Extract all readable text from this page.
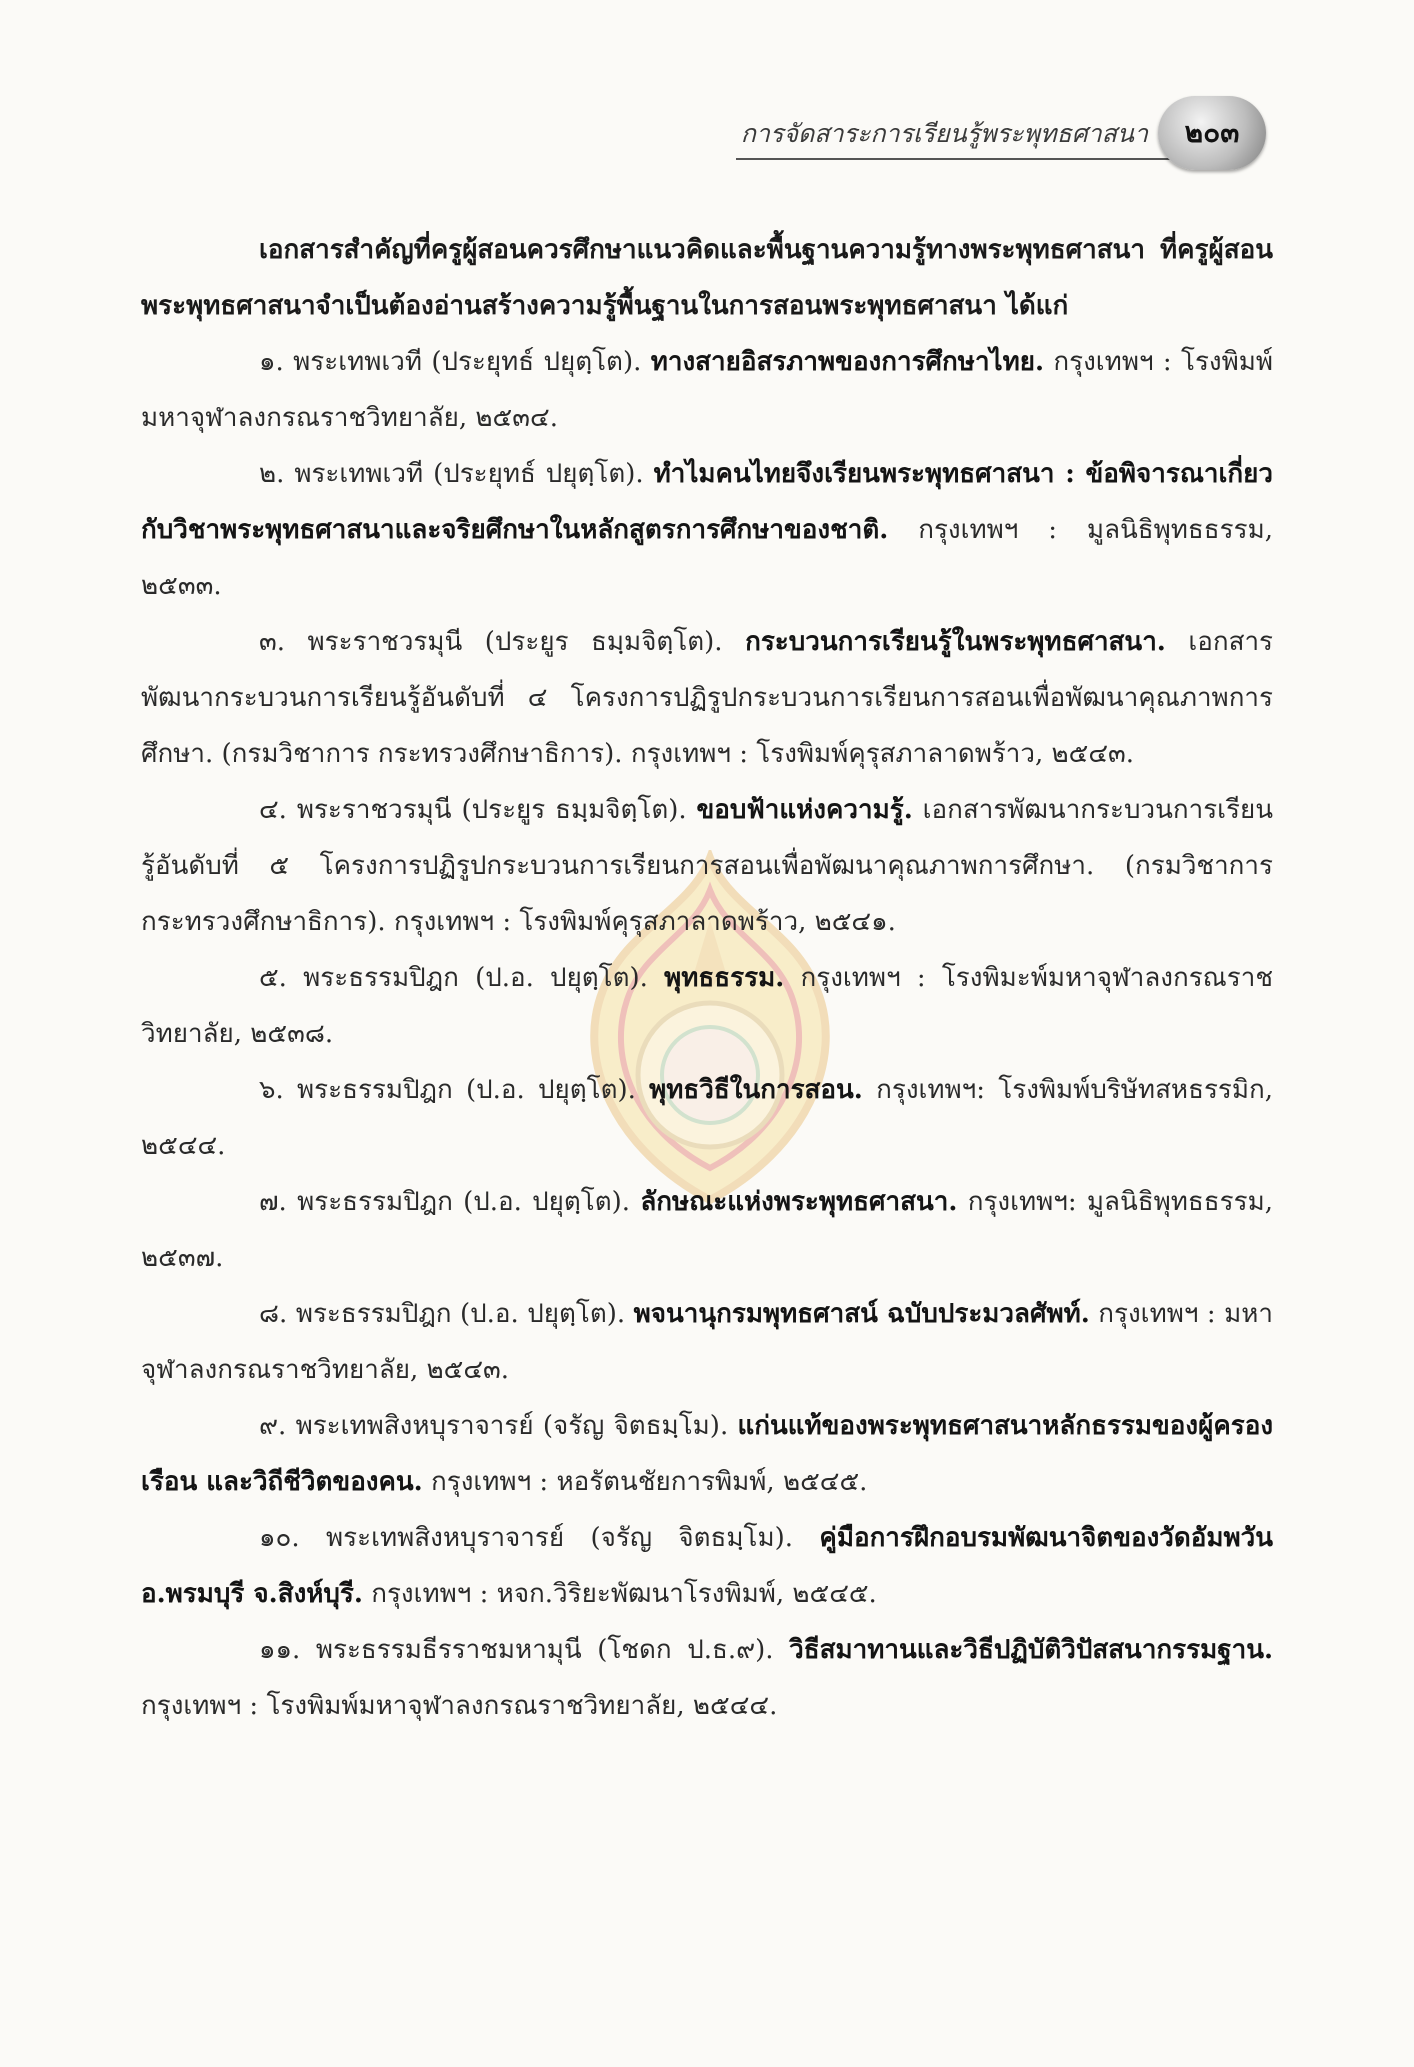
การจัดสาระการเรียนรู้พระพุทธศาสนา	๒๐๓

เอกสารสำคัญที่ครูผู้สอนควรศึกษาแนวคิดและพื้นฐานความรู้ทางพระพุทธศาสนา ที่ครูผู้สอนพระพุทธศาสนาจำเป็นต้องอ่านสร้างความรู้พื้นฐานในการสอนพระพุทธศาสนา ได้แก่

๑. พระเทพเวที (ประยุทธ์ ปยุตฺโต). ทางสายอิสรภาพของการศึกษาไทย. กรุงเทพฯ : โรงพิมพ์มหาจุฬาลงกรณราชวิทยาลัย, ๒๕๓๔.

๒. พระเทพเวที (ประยุทธ์ ปยุตฺโต). ทำไมคนไทยจึงเรียนพระพุทธศาสนา : ข้อพิจารณาเกี่ยวกับวิชาพระพุทธศาสนาและจริยศึกษาในหลักสูตรการศึกษาของชาติ. กรุงเทพฯ : มูลนิธิพุทธธรรม, ๒๕๓๓.

๓. พระราชวรมุนี (ประยูร ธมฺมจิตฺโต). กระบวนการเรียนรู้ในพระพุทธศาสนา. เอกสารพัฒนากระบวนการเรียนรู้อันดับที่ ๔ โครงการปฏิรูปกระบวนการเรียนการสอนเพื่อพัฒนาคุณภาพการศึกษา. (กรมวิชาการ กระทรวงศึกษาธิการ). กรุงเทพฯ : โรงพิมพ์คุรุสภาลาดพร้าว, ๒๕๔๓.

๔. พระราชวรมุนี (ประยูร ธมฺมจิตฺโต). ขอบฟ้าแห่งความรู้. เอกสารพัฒนากระบวนการเรียนรู้อันดับที่ ๕ โครงการปฏิรูปกระบวนการเรียนการสอนเพื่อพัฒนาคุณภาพการศึกษา. (กรมวิชาการ กระทรวงศึกษาธิการ). กรุงเทพฯ : โรงพิมพ์คุรุสภาลาดพร้าว, ๒๕๔๑.

๕. พระธรรมปิฎก (ป.อ. ปยุตฺโต). พุทธธรรม. กรุงเทพฯ : โรงพิมะพ์มหาจุฬาลงกรณราชวิทยาลัย, ๒๕๓๘.

๖. พระธรรมปิฎก (ป.อ. ปยุตฺโต). พุทธวิธีในการสอน. กรุงเทพฯ: โรงพิมพ์บริษัทสหธรรมิก, ๒๕๔๔.

๗. พระธรรมปิฎก (ป.อ. ปยุตฺโต). ลักษณะแห่งพระพุทธศาสนา. กรุงเทพฯ: มูลนิธิพุทธธรรม, ๒๕๓๗.

๘. พระธรรมปิฎก (ป.อ. ปยุตฺโต). พจนานุกรมพุทธศาสน์ ฉบับประมวลศัพท์. กรุงเทพฯ : มหาจุฬาลงกรณราชวิทยาลัย, ๒๕๔๓.

๙. พระเทพสิงหบุราจารย์ (จรัญ จิตธมฺโม). แก่นแท้ของพระพุทธศาสนาหลักธรรมของผู้ครองเรือน และวิถีชีวิตของคน. กรุงเทพฯ : หอรัตนชัยการพิมพ์, ๒๕๔๕.

๑๐. พระเทพสิงหบุราจารย์ (จรัญ จิตธมฺโม). คู่มือการฝึกอบรมพัฒนาจิตของวัดอัมพวัน อ.พรมบุรี จ.สิงห์บุรี. กรุงเทพฯ : หจก.วิริยะพัฒนาโรงพิมพ์, ๒๕๔๕.

๑๑. พระธรรมธีรราชมหามุนี (โชดก ป.ธ.๙). วิธีสมาทานและวิธีปฏิบัติวิปัสสนากรรมฐาน. กรุงเทพฯ : โรงพิมพ์มหาจุฬาลงกรณราชวิทยาลัย, ๒๕๔๔.
